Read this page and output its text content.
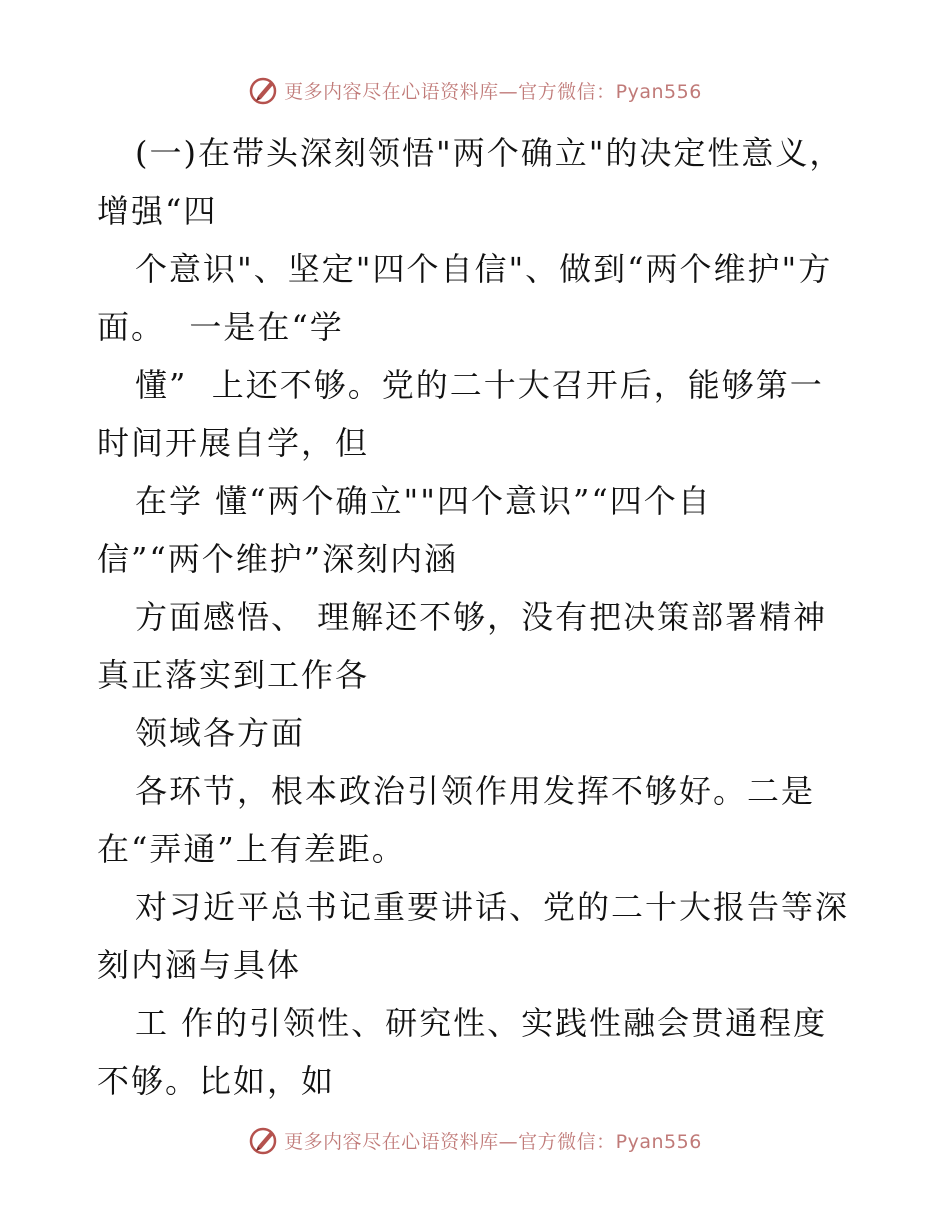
更多内容尽在心语资料库—官方微信：Pyan556
(一)在带头深刻领悟"两个确立"的决定性意义，
增强“四
个意识"、坚定"四个自信"、做到“两个维护"方
面。  一是在“学
懂”  上还不够。党的二十大召开后，能够第一
时间开展自学，但
在学 懂“两个确立""四个意识”“四个自
信”“两个维护”深刻内涵
方面感悟、 理解还不够，没有把决策部署精神
真正落实到工作各
领域各方面
各环节，根本政治引领作用发挥不够好。二是
在“弄通”上有差距。
对习近平总书记重要讲话、党的二十大报告等深
刻内涵与具体
工 作的引领性、研究性、实践性融会贯通程度
不够。比如，如
更多内容尽在心语资料库—官方微信：Pyan556
